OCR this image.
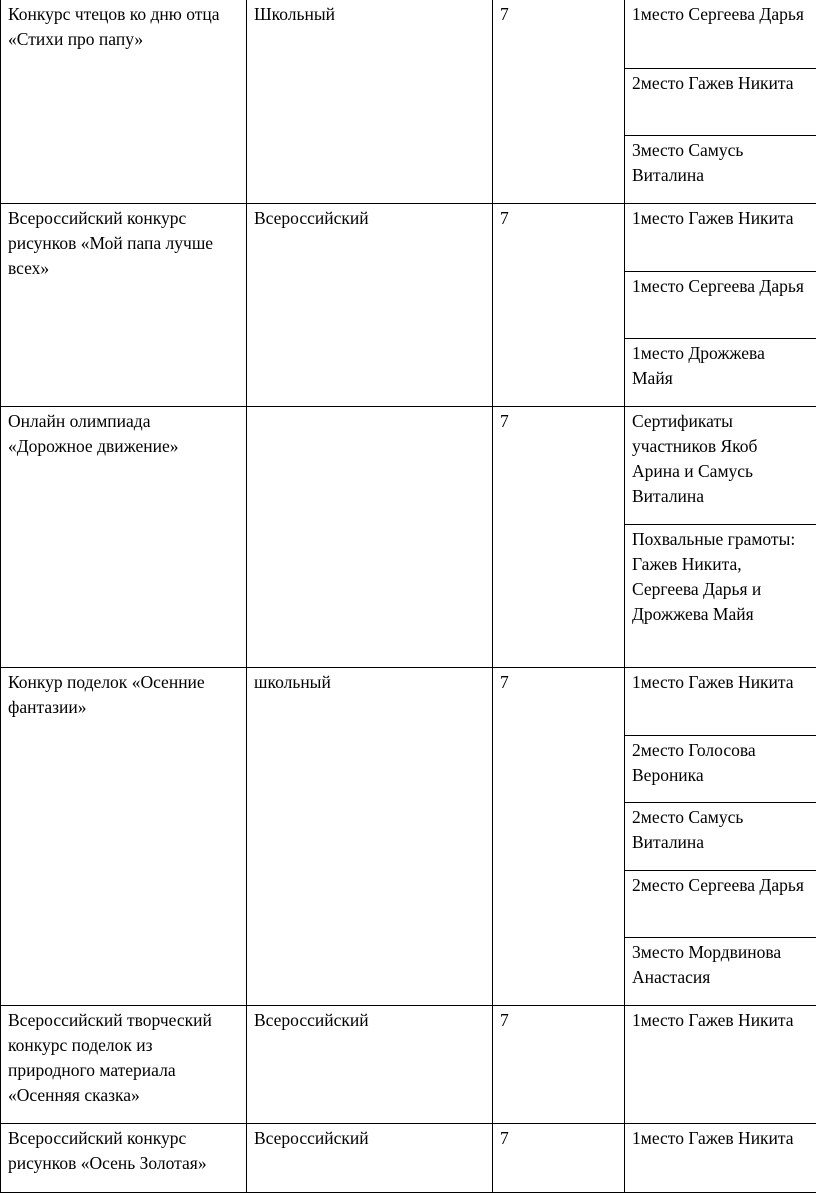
Конкурс чтецов ко дню отца «Стихи про папу»	Школьный	7	1место Сергеева Дарья

			2место Гажев Никита

			3место Самусь Виталина

Всероссийский конкурс рисунков «Мой папа лучше всех»	Всероссийский	7	1место Гажев Никита

			1место Сергеева Дарья

			1место Дрожжева Майя

Онлайн олимпиада «Дорожное движение»		7	Сертификаты участников Якоб Арина и Самусь Виталина

			Похвальные грамоты: Гажев Никита, Сергеева Дарья и Дрожжева Майя

Конкур поделок «Осенние фантазии»	школьный	7	1место Гажев Никита

			2место Голосова Вероника

			2место Самусь Виталина

			2место Сергеева Дарья

			3место Мордвинова Анастасия

Всероссийский творческий конкурс поделок из природного материала «Осенняя сказка»	Всероссийский	7	1место Гажев Никита

Всероссийский конкурс рисунков «Осень Золотая»	Всероссийский	7	1место Гажев Никита
